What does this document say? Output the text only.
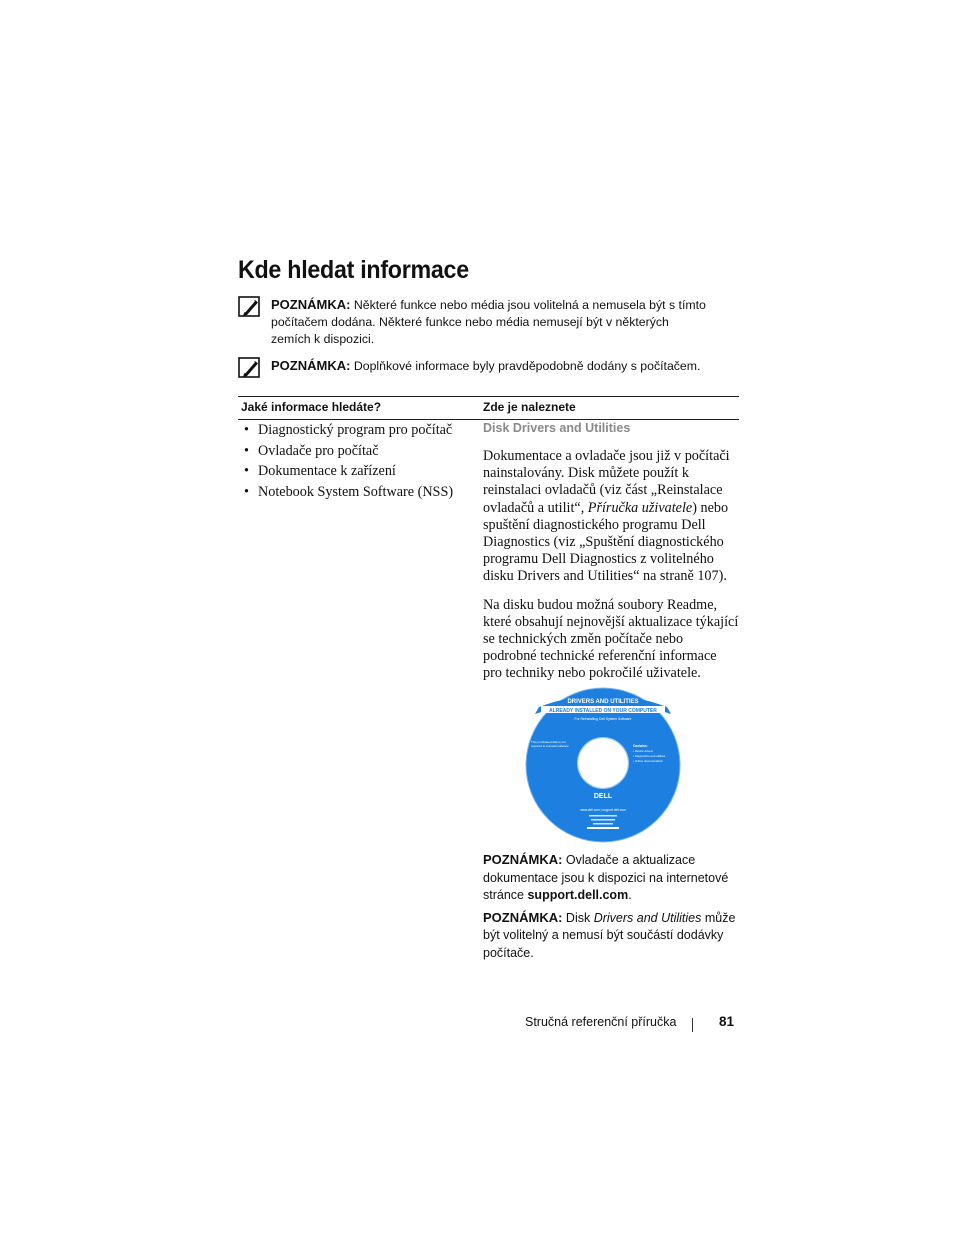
Kde hledat informace
POZNÁMKA: Některé funkce nebo média jsou volitelná a nemusela být s tímto počítačem dodána. Některé funkce nebo média nemusejí být v některých zemích k dispozici.
POZNÁMKA: Doplňkové informace byly pravděpodobně dodány s počítačem.
Jaké informace hledáte?	Zde je naleznete
• Diagnostický program pro počítač
• Ovladače pro počítač
• Dokumentace k zařízení
• Notebook System Software (NSS)

Disk Drivers and Utilities

Dokumentace a ovladače jsou již v počítači nainstalovány. Disk můžete použít k reinstalaci ovladačů (viz část „Reinstalace ovladačů a utilit“, Příručka uživatele) nebo spuštění diagnostického programu Dell Diagnostics (viz „Spuštění diagnostického programu Dell Diagnostics z volitelného disku Drivers and Utilities“ na straně 107).

Na disku budou možná soubory Readme, které obsahují nejnovější aktualizace týkající se technických změn počítače nebo podrobné technické referenční informace pro techniky nebo pokročilé uživatele.

DRIVERS AND UTILITIES
ALREADY INSTALLED ON YOUR COMPUTER
For Reinstalling Dell System Software
This purchased disk is not required to reinstall software	Contains:
• Device drivers
• Diagnostics and utilities
• Online documentation
DELL
www.dell.com | support.dell.com

POZNÁMKA: Ovladače a aktualizace dokumentace jsou k dispozici na internetové stránce support.dell.com.

POZNÁMKA: Disk Drivers and Utilities může být volitelný a nemusí být součástí dodávky počítače.

Stručná referenční příručka	81
